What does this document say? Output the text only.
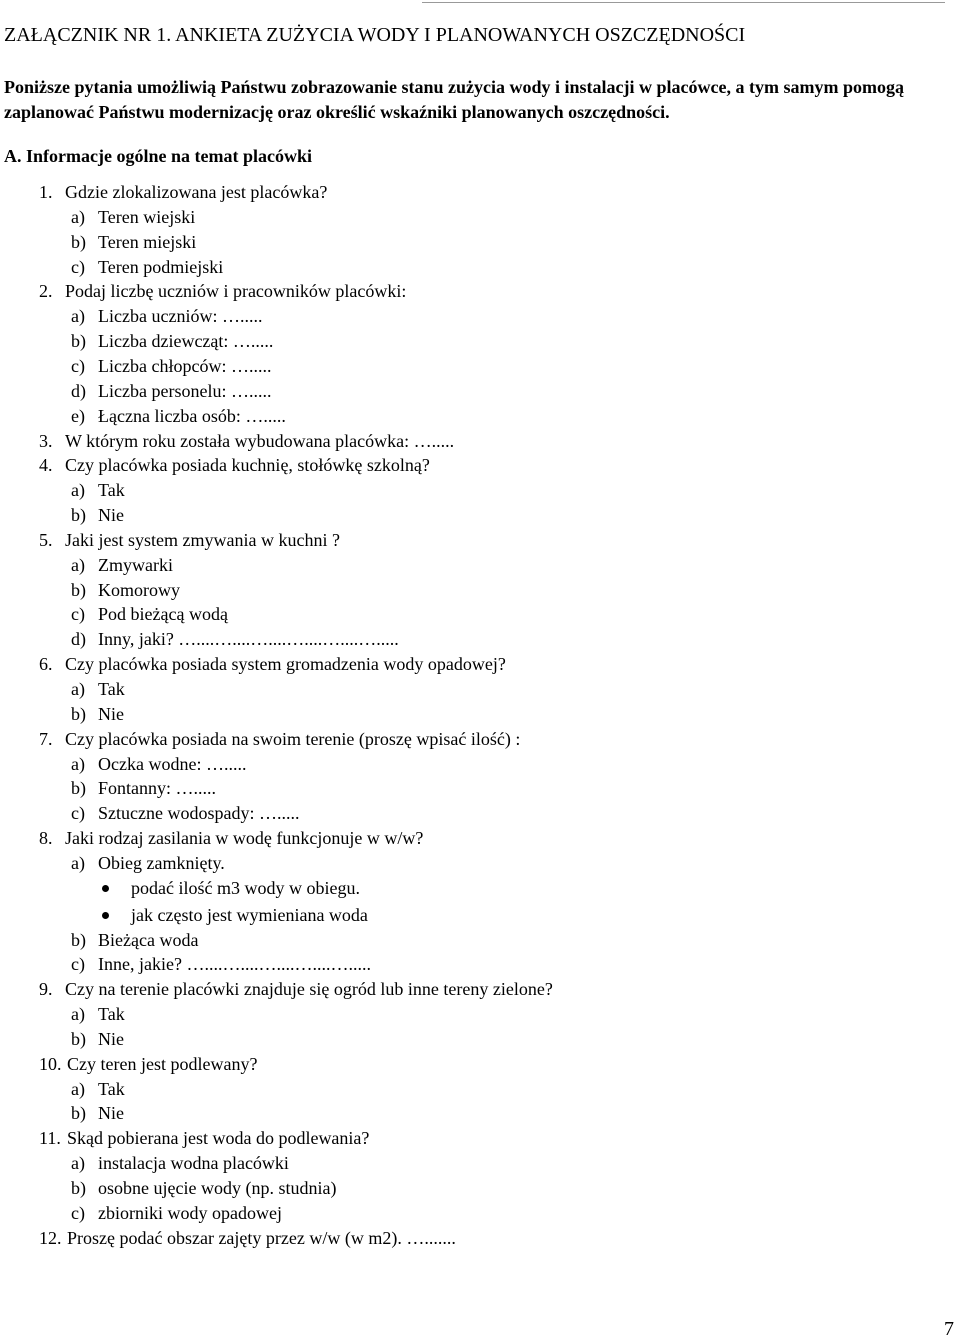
ZAŁĄCZNIK NR 1. ANKIETA ZUŻYCIA WODY I PLANOWANYCH OSZCZĘDNOŚCI
Poniższe pytania umożliwią Państwu zobrazowanie stanu zużycia wody i instalacji w placówce, a tym samym pomogą zaplanować Państwu modernizację oraz określić wskaźniki planowanych oszczędności.
A. Informacje ogólne na temat placówki
1. Gdzie zlokalizowana jest placówka?
a) Teren wiejski
b) Teren miejski
c) Teren podmiejski
2. Podaj liczbę uczniów i pracowników placówki:
a) Liczba uczniów: ….....
b) Liczba dziewcząt: ….....
c) Liczba chłopców: ….....
d) Liczba personelu: ….....
e) Łączna liczba osób: ….....
3. W którym roku została wybudowana placówka: ….....
4. Czy placówka posiada kuchnię, stołówkę szkolną?
a) Tak
b) Nie
5. Jaki jest system zmywania w kuchni ?
a) Zmywarki
b) Komorowy
c) Pod bieżącą wodą
d) Inny, jaki? …....…....…....…....…....….....
6. Czy placówka posiada system gromadzenia wody opadowej?
a) Tak
b) Nie
7. Czy placówka posiada na swoim terenie (proszę wpisać ilość) :
a) Oczka wodne: ….....
b) Fontanny: ….....
c) Sztuczne wodospady: ….....
8. Jaki rodzaj zasilania w wodę funkcjonuje w w/w?
a) Obieg zamknięty.
podać ilość m3 wody w obiegu.
jak często jest wymieniana woda
b) Bieżąca woda
c) Inne, jakie? …....…....…....…....….....
9. Czy na terenie placówki znajduje się ogród lub inne tereny zielone?
a) Tak
b) Nie
10. Czy teren jest podlewany?
a) Tak
b) Nie
11. Skąd pobierana jest woda do podlewania?
a) instalacja wodna placówki
b) osobne ujęcie wody (np. studnia)
c) zbiorniki wody opadowej
12. Proszę podać obszar zajęty przez w/w (w m2). ….......
7
